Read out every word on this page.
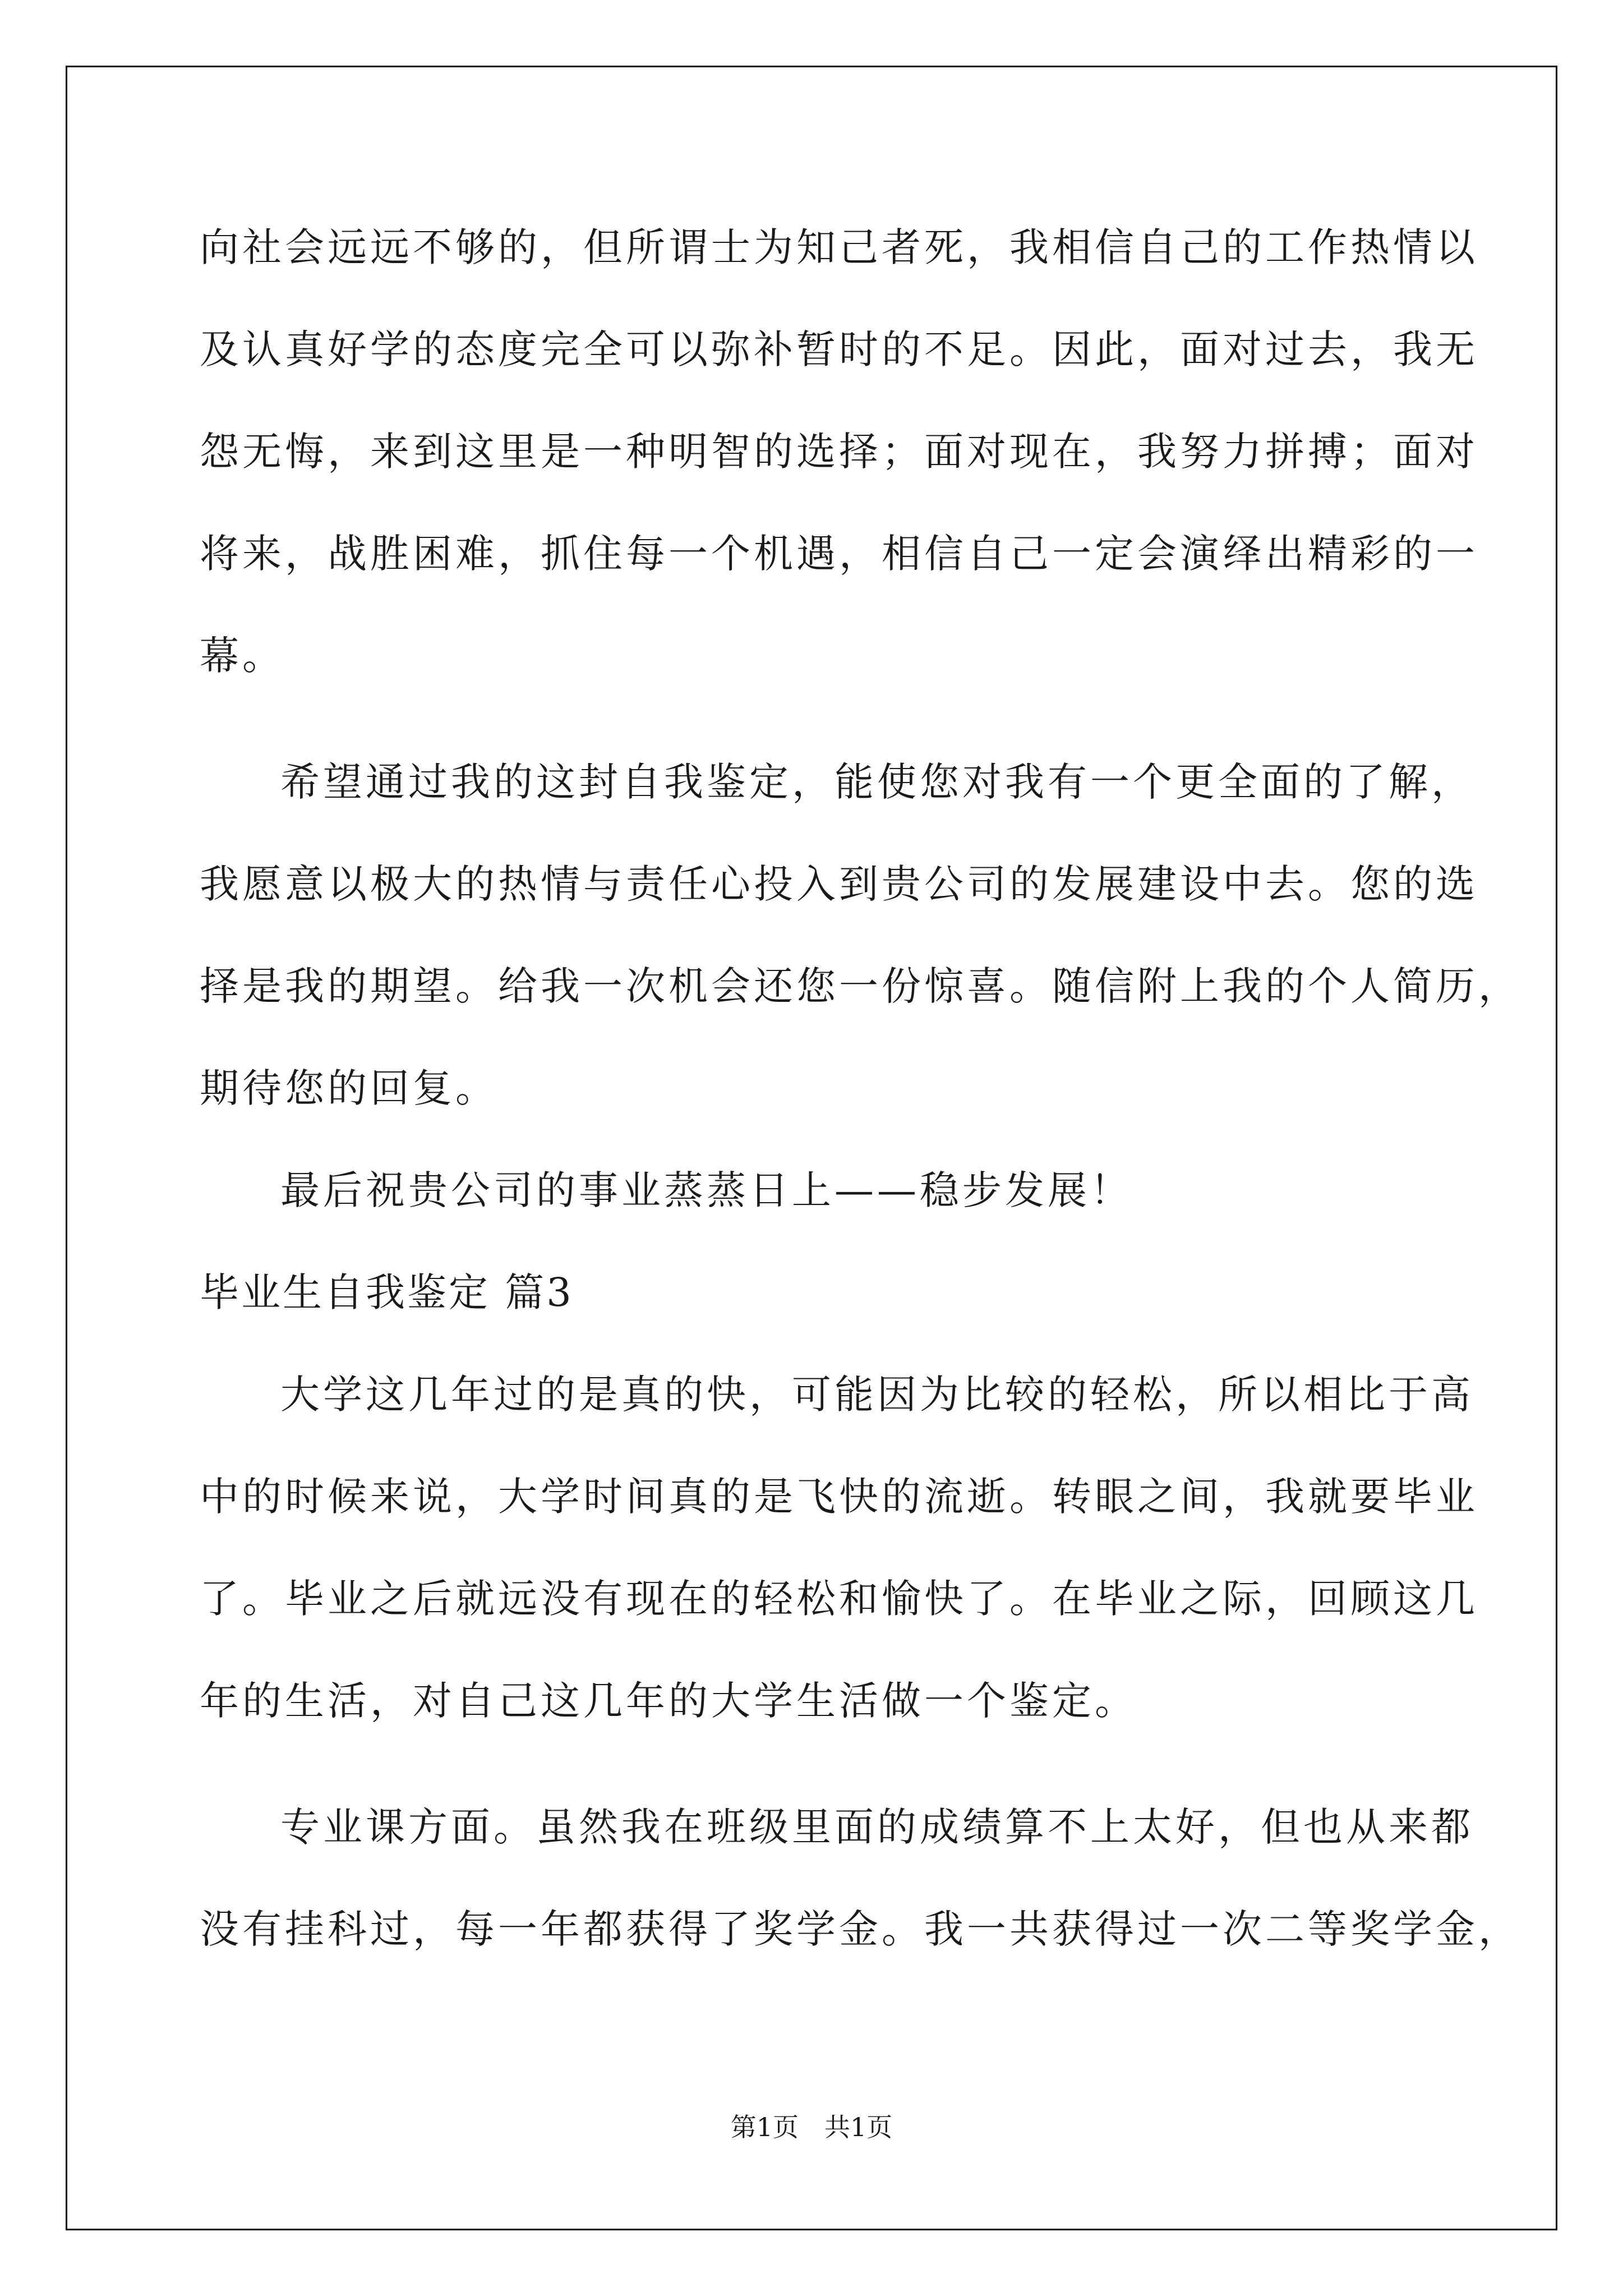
向社会远远不够的，但所谓士为知己者死，我相信自己的工作热情以
及认真好学的态度完全可以弥补暂时的不足。因此，面对过去，我无
怨无悔，来到这里是一种明智的选择；面对现在，我努力拼搏；面对
将来，战胜困难，抓住每一个机遇，相信自己一定会演绎出精彩的一
幕。
希望通过我的这封自我鉴定，能使您对我有一个更全面的了解，
我愿意以极大的热情与责任心投入到贵公司的发展建设中去。您的选
择是我的期望。给我一次机会还您一份惊喜。随信附上我的个人简历，
期待您的回复。
最后祝贵公司的事业蒸蒸日上——稳步发展！
毕业生自我鉴定 篇3
大学这几年过的是真的快，可能因为比较的轻松，所以相比于高
中的时候来说，大学时间真的是飞快的流逝。转眼之间，我就要毕业
了。毕业之后就远没有现在的轻松和愉快了。在毕业之际，回顾这几
年的生活，对自己这几年的大学生活做一个鉴定。
专业课方面。虽然我在班级里面的成绩算不上太好，但也从来都
没有挂科过，每一年都获得了奖学金。我一共获得过一次二等奖学金，
第1页　共1页
